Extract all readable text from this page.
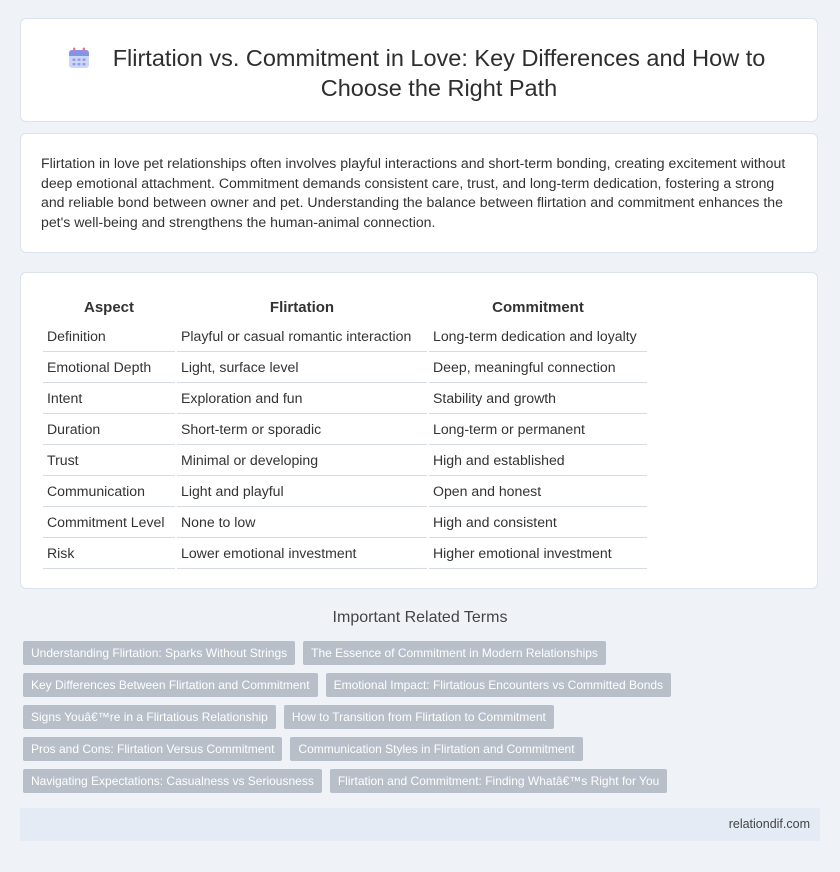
Flirtation vs. Commitment in Love: Key Differences and How to Choose the Right Path

Flirtation in love pet relationships often involves playful interactions and short-term bonding, creating excitement without deep emotional attachment. Commitment demands consistent care, trust, and long-term dedication, fostering a strong and reliable bond between owner and pet. Understanding the balance between flirtation and commitment enhances the pet's well-being and strengthens the human-animal connection.

Aspect	Flirtation	Commitment
Definition	Playful or casual romantic interaction	Long-term dedication and loyalty
Emotional Depth	Light, surface level	Deep, meaningful connection
Intent	Exploration and fun	Stability and growth
Duration	Short-term or sporadic	Long-term or permanent
Trust	Minimal or developing	High and established
Communication	Light and playful	Open and honest
Commitment Level	None to low	High and consistent
Risk	Lower emotional investment	Higher emotional investment
Important Related Terms
Understanding Flirtation: Sparks Without Strings	The Essence of Commitment in Modern Relationships
Key Differences Between Flirtation and Commitment	Emotional Impact: Flirtatious Encounters vs Committed Bonds
Signs Youâ€™re in a Flirtatious Relationship	How to Transition from Flirtation to Commitment
Pros and Cons: Flirtation Versus Commitment	Communication Styles in Flirtation and Commitment
Navigating Expectations: Casualness vs Seriousness	Flirtation and Commitment: Finding Whatâ€™s Right for You
relationdif.com
